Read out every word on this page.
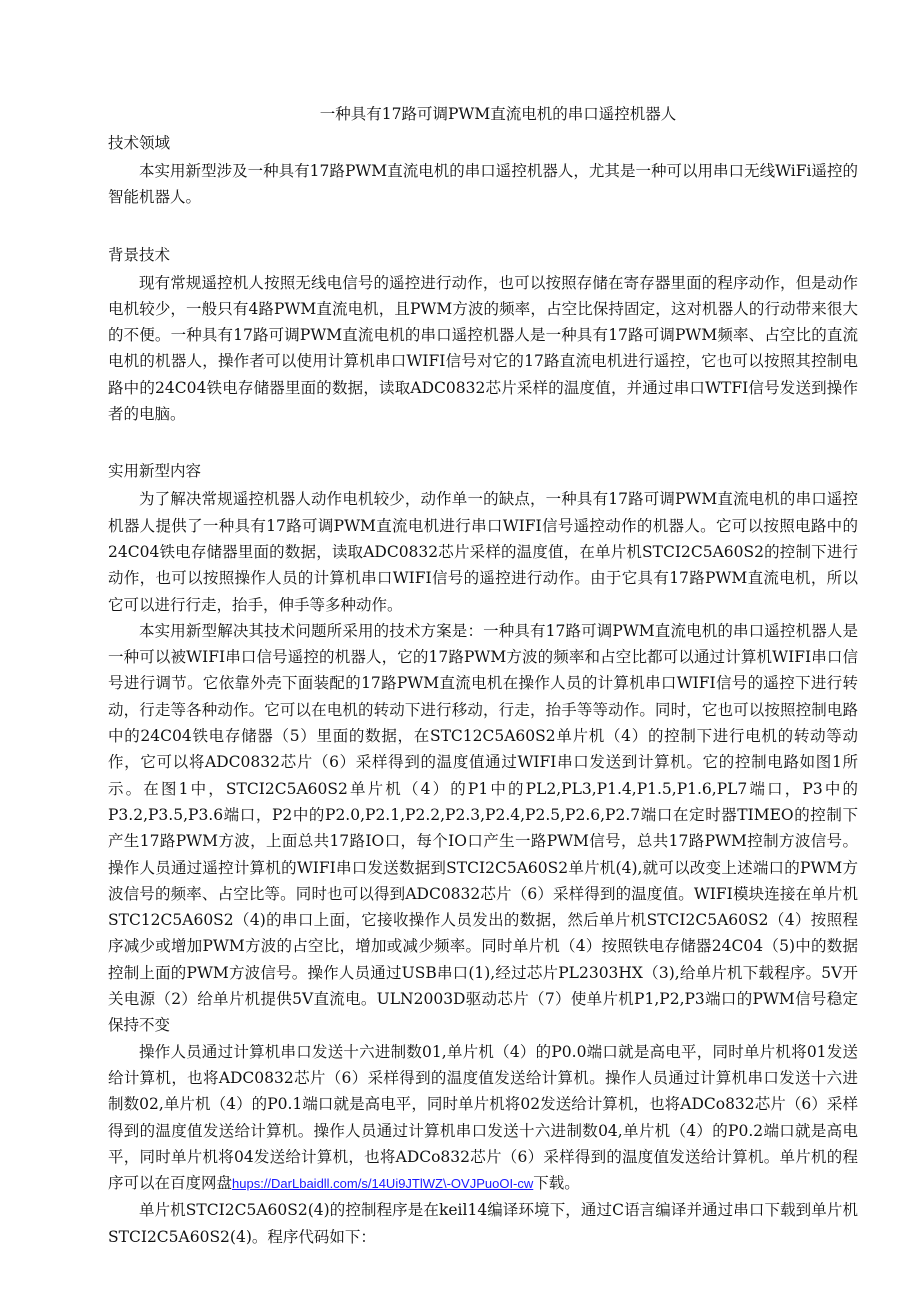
一种具有17路可调PWM直流电机的串口遥控机器人

技术领域

本实用新型涉及一种具有17路PWM直流电机的串口遥控机器人，尤其是一种可以用串口无线WiFi遥控的智能机器人。

背景技术

现有常规遥控机人按照无线电信号的遥控进行动作，也可以按照存储在寄存器里面的程序动作，但是动作电机较少，一般只有4路PWM直流电机，且PWM方波的频率，占空比保持固定，这对机器人的行动带来很大的不便。一种具有17路可调PWM直流电机的串口遥控机器人是一种具有17路可调PWM频率、占空比的直流电机的机器人，操作者可以使用计算机串口WIFI信号对它的17路直流电机进行遥控，它也可以按照其控制电路中的24C04铁电存储器里面的数据，读取ADC0832芯片采样的温度值，并通过串口WTFI信号发送到操作者的电脑。

实用新型内容

为了解决常规遥控机器人动作电机较少，动作单一的缺点，一种具有17路可调PWM直流电机的串口遥控机器人提供了一种具有17路可调PWM直流电机进行串口WIFI信号遥控动作的机器人。它可以按照电路中的24C04铁电存储器里面的数据，读取ADC0832芯片采样的温度值，在单片机STCI2C5A60S2的控制下进行动作，也可以按照操作人员的计算机串口WIFI信号的遥控进行动作。由于它具有17路PWM直流电机，所以它可以进行行走，抬手，伸手等多种动作。

本实用新型解决其技术问题所采用的技术方案是：一种具有17路可调PWM直流电机的串口遥控机器人是一种可以被WIFI串口信号遥控的机器人，它的17路PWM方波的频率和占空比都可以通过计算机WIFI串口信号进行调节。它依靠外壳下面装配的17路PWM直流电机在操作人员的计算机串口WIFI信号的遥控下进行转动，行走等各种动作。它可以在电机的转动下进行移动，行走，抬手等等动作。同时，它也可以按照控制电路中的24C04铁电存储器（5）里面的数据，在STC12C5Α60S2单片机（4）的控制下进行电机的转动等动作，它可以将ADC0832芯片（6）采样得到的温度值通过WIFI串口发送到计算机。它的控制电路如图1所示。在图1中，STCI2C5A60S2单片机（4）的P1中的PL2,PL3,P1.4,P1.5,P1.6,PL7端口，P3中的P3.2,P3.5,P3.6端口，P2中的P2.0,P2.1,P2.2,P2.3,P2.4,P2.5,P2.6,P2.7端口在定时器TIMEO的控制下产生17路PWM方波，上面总共17路IO口，每个IO口产生一路PWM信号，总共17路PWM控制方波信号。操作人员通过遥控计算机的WIFI串口发送数据到STCI2C5A60S2单片机(4),就可以改变上述端口的PWM方波信号的频率、占空比等。同时也可以得到ADC0832芯片（6）采样得到的温度值。WIFI模块连接在单片机STC12C5Α60S2（4)的串口上面，它接收操作人员发出的数据，然后单片机STCI2C5A60S2（4）按照程序减少或增加PWM方波的占空比，增加或减少频率。同时单片机（4）按照铁电存储器24C04（5)中的数据控制上面的PWM方波信号。操作人员通过USB串口(1),经过芯片PL2303HX（3),给单片机下载程序。5V开关电源（2）给单片机提供5V直流电。ULN2003D驱动芯片（7）使单片机P1,P2,P3端口的PWM信号稳定保持不变

操作人员通过计算机串口发送十六进制数01,单片机（4）的P0.0端口就是高电平，同时单片机将01发送给计算机，也将ADC0832芯片（6）采样得到的温度值发送给计算机。操作人员通过计算机串口发送十六进制数02,单片机（4）的P0.1端口就是高电平，同时单片机将02发送给计算机，也将ADCo832芯片（6）采样得到的温度值发送给计算机。操作人员通过计算机串口发送十六进制数04,单片机（4）的P0.2端口就是高电平，同时单片机将04发送给计算机，也将ADCo832芯片（6）采样得到的温度值发送给计算机。单片机的程序可以在百度网盘hups://DarLbaidll.com/s/14Ui9JTlWZ\-OVJPuoOI-cw下载。

单片机STCI2C5A60S2(4)的控制程序是在keil14编译环境下，通过C语言编译并通过串口下载到单片机STCI2C5A60S2(4)。程序代码如下：
